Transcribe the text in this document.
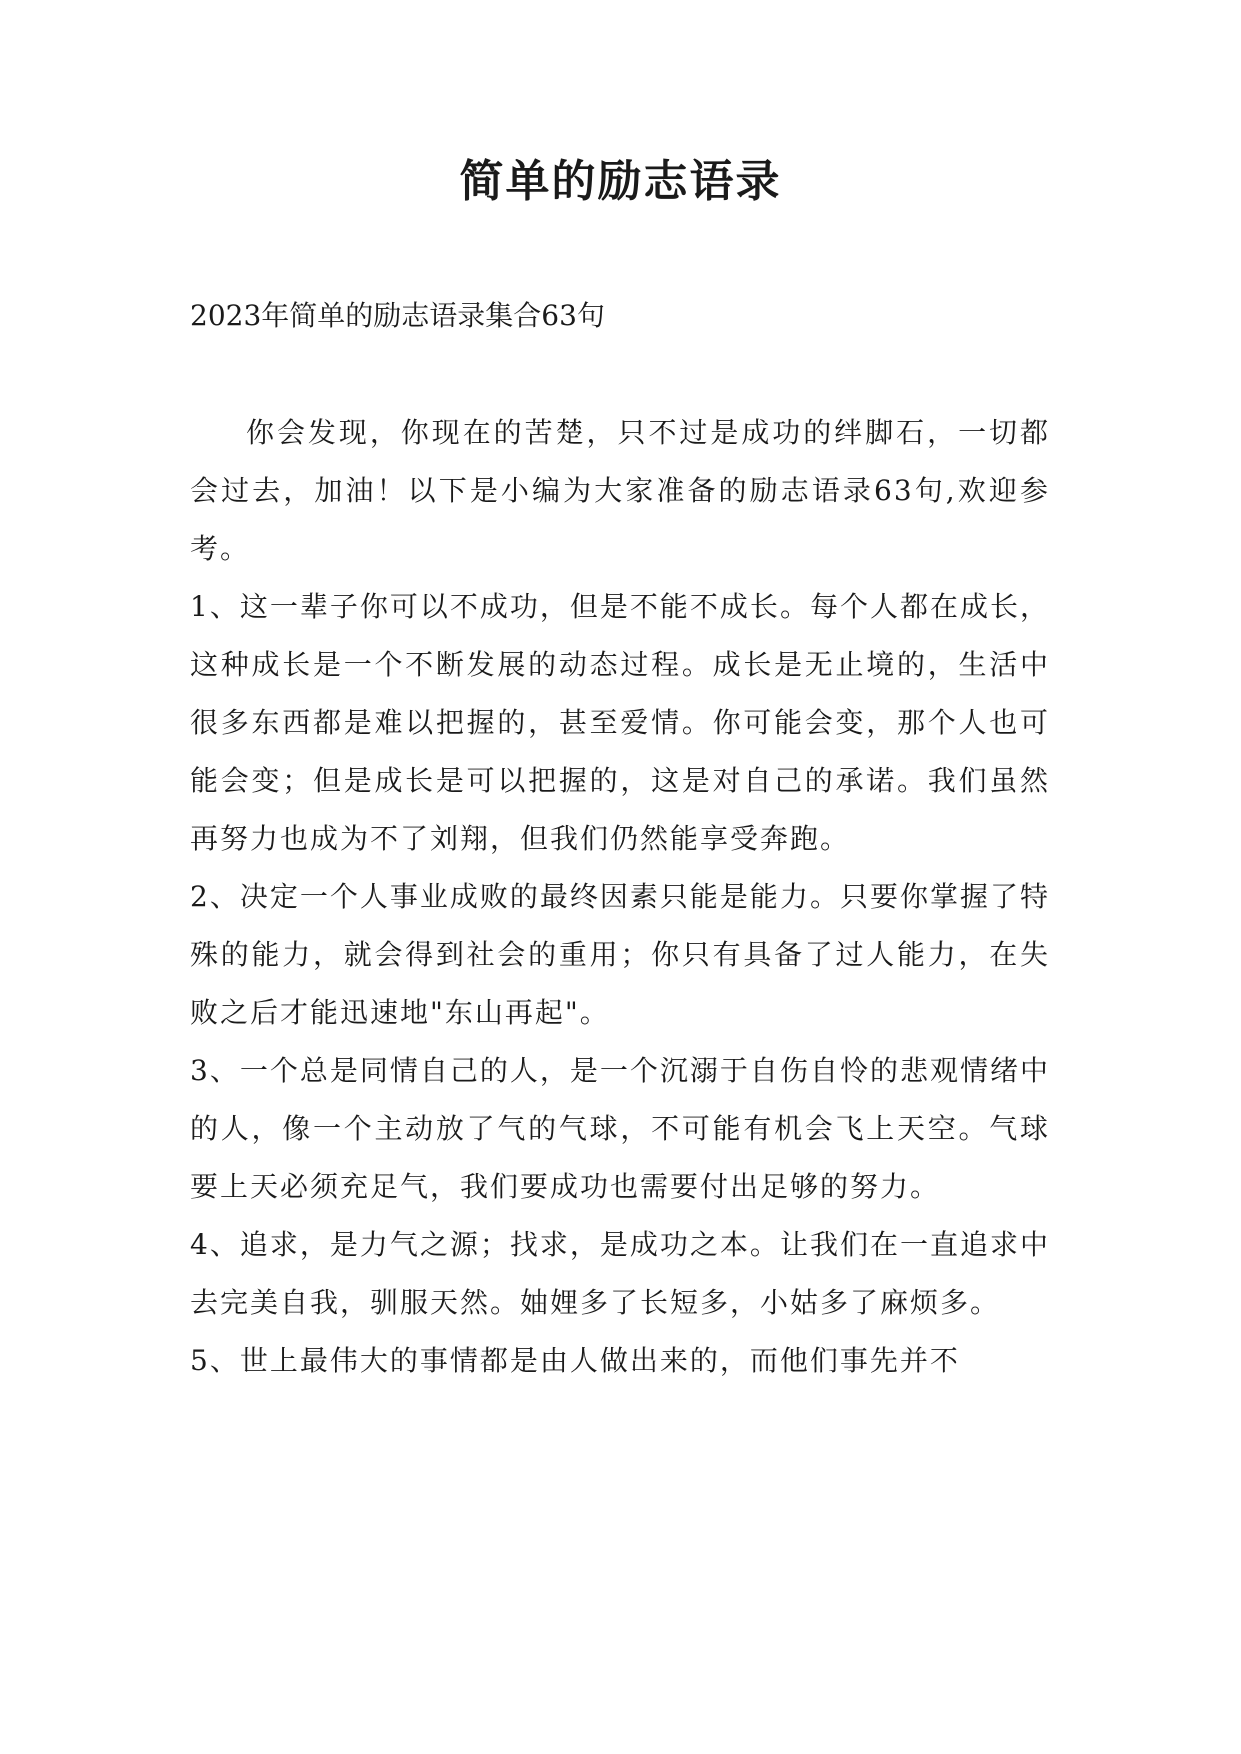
简单的励志语录

2023年简单的励志语录集合63句

你会发现，你现在的苦楚，只不过是成功的绊脚石，一切都会过去，加油！以下是小编为大家准备的励志语录63句,欢迎参考。

1、这一辈子你可以不成功，但是不能不成长。每个人都在成长，这种成长是一个不断发展的动态过程。成长是无止境的，生活中很多东西都是难以把握的，甚至爱情。你可能会变，那个人也可能会变；但是成长是可以把握的，这是对自己的承诺。我们虽然再努力也成为不了刘翔，但我们仍然能享受奔跑。

2、决定一个人事业成败的最终因素只能是能力。只要你掌握了特殊的能力，就会得到社会的重用；你只有具备了过人能力，在失败之后才能迅速地"东山再起"。

3、一个总是同情自己的人，是一个沉溺于自伤自怜的悲观情绪中的人，像一个主动放了气的气球，不可能有机会飞上天空。气球要上天必须充足气，我们要成功也需要付出足够的努力。

4、追求，是力气之源；找求，是成功之本。让我们在一直追求中去完美自我，驯服天然。妯娌多了长短多，小姑多了麻烦多。

5、世上最伟大的事情都是由人做出来的，而他们事先并不
